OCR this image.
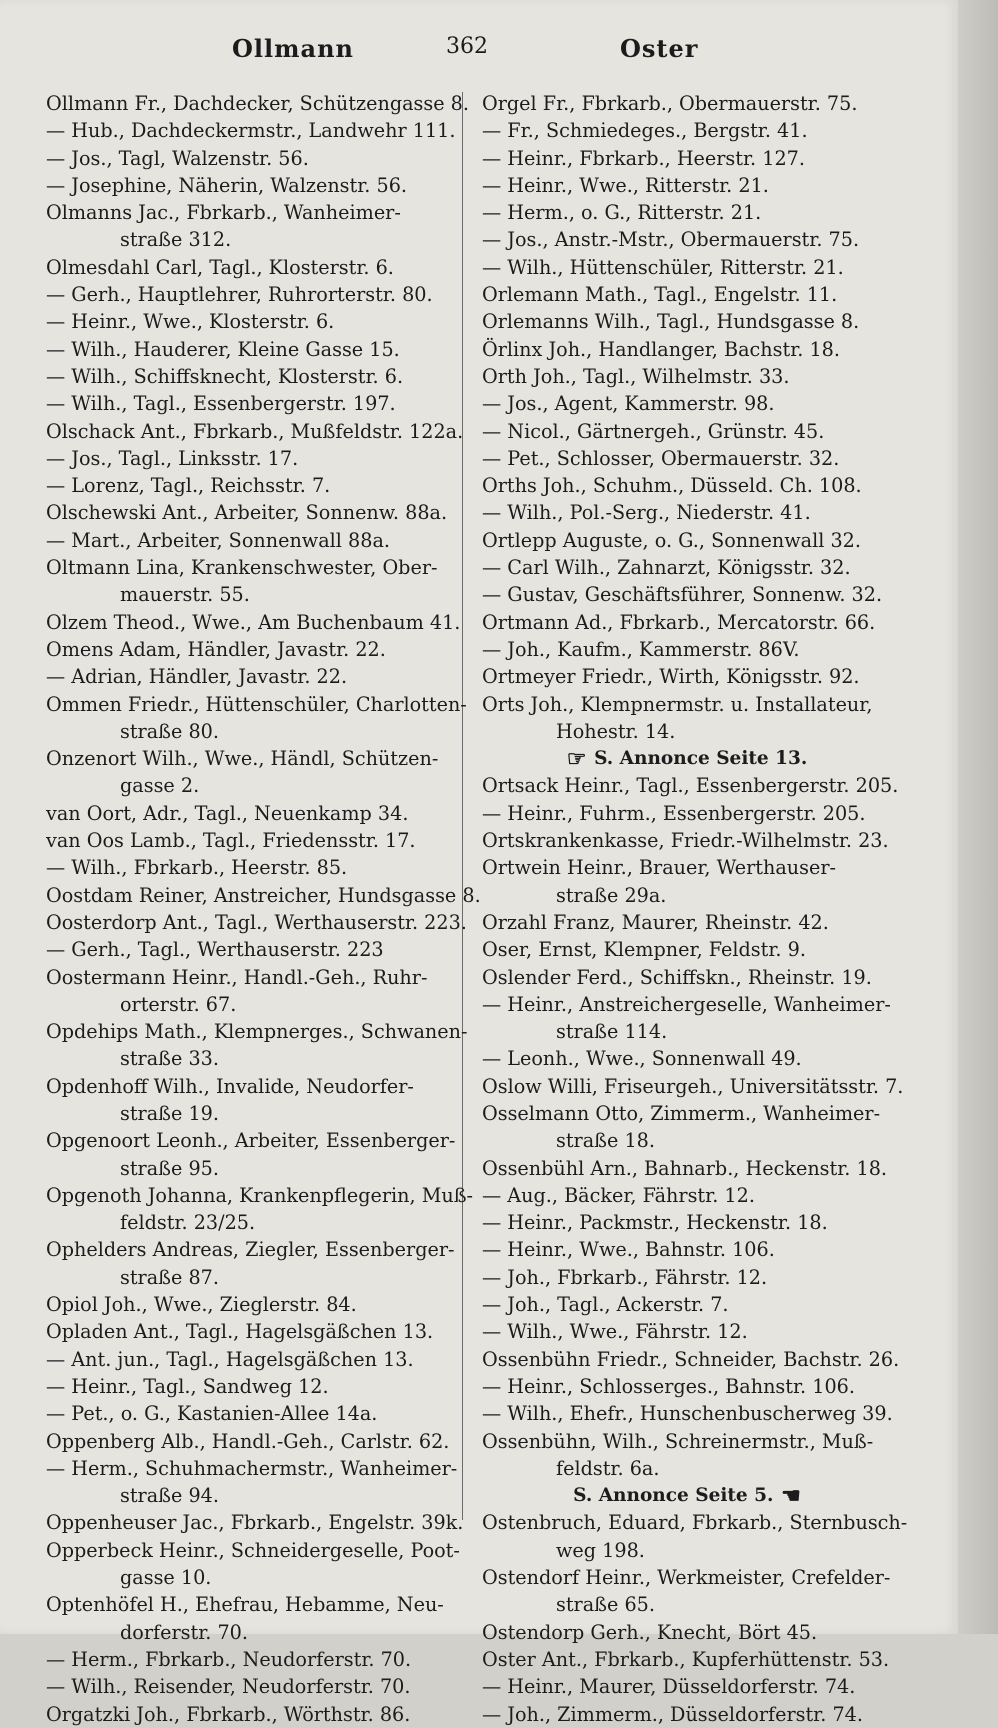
Ollmann	362	Oster
Ollmann Fr., Dachdecker, Schützengasse 8.
— Hub., Dachdeckermstr., Landwehr 111.
— Jos., Tagl, Walzenstr. 56.
— Josephine, Näherin, Walzenstr. 56.
Olmanns Jac., Fbrkarb., Wanheimer-
straße 312.
Olmesdahl Carl, Tagl., Klosterstr. 6.
— Gerh., Hauptlehrer, Ruhrorterstr. 80.
— Heinr., Wwe., Klosterstr. 6.
— Wilh., Hauderer, Kleine Gasse 15.
— Wilh., Schiffsknecht, Klosterstr. 6.
— Wilh., Tagl., Essenbergerstr. 197.
Olschack Ant., Fbrkarb., Mußfeldstr. 122a.
— Jos., Tagl., Linksstr. 17.
— Lorenz, Tagl., Reichsstr. 7.
Olschewski Ant., Arbeiter, Sonnenw. 88a.
— Mart., Arbeiter, Sonnenwall 88a.
Oltmann Lina, Krankenschwester, Ober-
mauerstr. 55.
Olzem Theod., Wwe., Am Buchenbaum 41.
Omens Adam, Händler, Javastr. 22.
— Adrian, Händler, Javastr. 22.
Ommen Friedr., Hüttenschüler, Charlotten-
straße 80.
Onzenort Wilh., Wwe., Händl, Schützen-
gasse 2.
van Oort, Adr., Tagl., Neuenkamp 34.
van Oos Lamb., Tagl., Friedensstr. 17.
— Wilh., Fbrkarb., Heerstr. 85.
Oostdam Reiner, Anstreicher, Hundsgasse 8.
Oosterdorp Ant., Tagl., Werthauserstr. 223.
— Gerh., Tagl., Werthauserstr. 223
Oostermann Heinr., Handl.-Geh., Ruhr-
orterstr. 67.
Opdehips Math., Klempnerges., Schwanen-
straße 33.
Opdenhoff Wilh., Invalide, Neudorfer-
straße 19.
Opgenoort Leonh., Arbeiter, Essenberger-
straße 95.
Opgenoth Johanna, Krankenpflegerin, Muß-
feldstr. 23/25.
Ophelders Andreas, Ziegler, Essenberger-
straße 87.
Opiol Joh., Wwe., Zieglerstr. 84.
Opladen Ant., Tagl., Hagelsgäßchen 13.
— Ant. jun., Tagl., Hagelsgäßchen 13.
— Heinr., Tagl., Sandweg 12.
— Pet., o. G., Kastanien-Allee 14a.
Oppenberg Alb., Handl.-Geh., Carlstr. 62.
— Herm., Schuhmachermstr., Wanheimer-
straße 94.
Oppenheuser Jac., Fbrkarb., Engelstr. 39k.
Opperbeck Heinr., Schneidergeselle, Poot-
gasse 10.
Optenhöfel H., Ehefrau, Hebamme, Neu-
dorferstr. 70.
— Herm., Fbrkarb., Neudorferstr. 70.
— Wilh., Reisender, Neudorferstr. 70.
Orgatzki Joh., Fbrkarb., Wörthstr. 86.
Orgel Fr., Fbrkarb., Obermauerstr. 75.
— Fr., Schmiedeges., Bergstr. 41.
— Heinr., Fbrkarb., Heerstr. 127.
— Heinr., Wwe., Ritterstr. 21.
— Herm., o. G., Ritterstr. 21.
— Jos., Anstr.-Mstr., Obermauerstr. 75.
— Wilh., Hüttenschüler, Ritterstr. 21.
Orlemann Math., Tagl., Engelstr. 11.
Orlemanns Wilh., Tagl., Hundsgasse 8.
Örlinx Joh., Handlanger, Bachstr. 18.
Orth Joh., Tagl., Wilhelmstr. 33.
— Jos., Agent, Kammerstr. 98.
— Nicol., Gärtnergeh., Grünstr. 45.
— Pet., Schlosser, Obermauerstr. 32.
Orths Joh., Schuhm., Düsseld. Ch. 108.
— Wilh., Pol.-Serg., Niederstr. 41.
Ortlepp Auguste, o. G., Sonnenwall 32.
— Carl Wilh., Zahnarzt, Königsstr. 32.
— Gustav, Geschäftsführer, Sonnenw. 32.
Ortmann Ad., Fbrkarb., Mercatorstr. 66.
— Joh., Kaufm., Kammerstr. 86V.
Ortmeyer Friedr., Wirth, Königsstr. 92.
Orts Joh., Klempnermstr. u. Installateur,
Hohestr. 14.
☞ S. Annonce Seite 13.
Ortsack Heinr., Tagl., Essenbergerstr. 205.
— Heinr., Fuhrm., Essenbergerstr. 205.
Ortskrankenkasse, Friedr.-Wilhelmstr. 23.
Ortwein Heinr., Brauer, Werthauser-
straße 29a.
Orzahl Franz, Maurer, Rheinstr. 42.
Oser, Ernst, Klempner, Feldstr. 9.
Oslender Ferd., Schiffskn., Rheinstr. 19.
— Heinr., Anstreichergeselle, Wanheimer-
straße 114.
— Leonh., Wwe., Sonnenwall 49.
Oslow Willi, Friseurgeh., Universitätsstr. 7.
Osselmann Otto, Zimmerm., Wanheimer-
straße 18.
Ossenbühl Arn., Bahnarb., Heckenstr. 18.
— Aug., Bäcker, Fährstr. 12.
— Heinr., Packmstr., Heckenstr. 18.
— Heinr., Wwe., Bahnstr. 106.
— Joh., Fbrkarb., Fährstr. 12.
— Joh., Tagl., Ackerstr. 7.
— Wilh., Wwe., Fährstr. 12.
Ossenbühn Friedr., Schneider, Bachstr. 26.
— Heinr., Schlosserges., Bahnstr. 106.
— Wilh., Ehefr., Hunschenbuscherweg 39.
Ossenbühn, Wilh., Schreinermstr., Muß-
feldstr. 6a.
S. Annonce Seite 5. ☚
Ostenbruch, Eduard, Fbrkarb., Sternbusch-
weg 198.
Ostendorf Heinr., Werkmeister, Crefelder-
straße 65.
Ostendorp Gerh., Knecht, Bört 45.
Oster Ant., Fbrkarb., Kupferhüttenstr. 53.
— Heinr., Maurer, Düsseldorferstr. 74.
— Joh., Zimmerm., Düsseldorferstr. 74.
